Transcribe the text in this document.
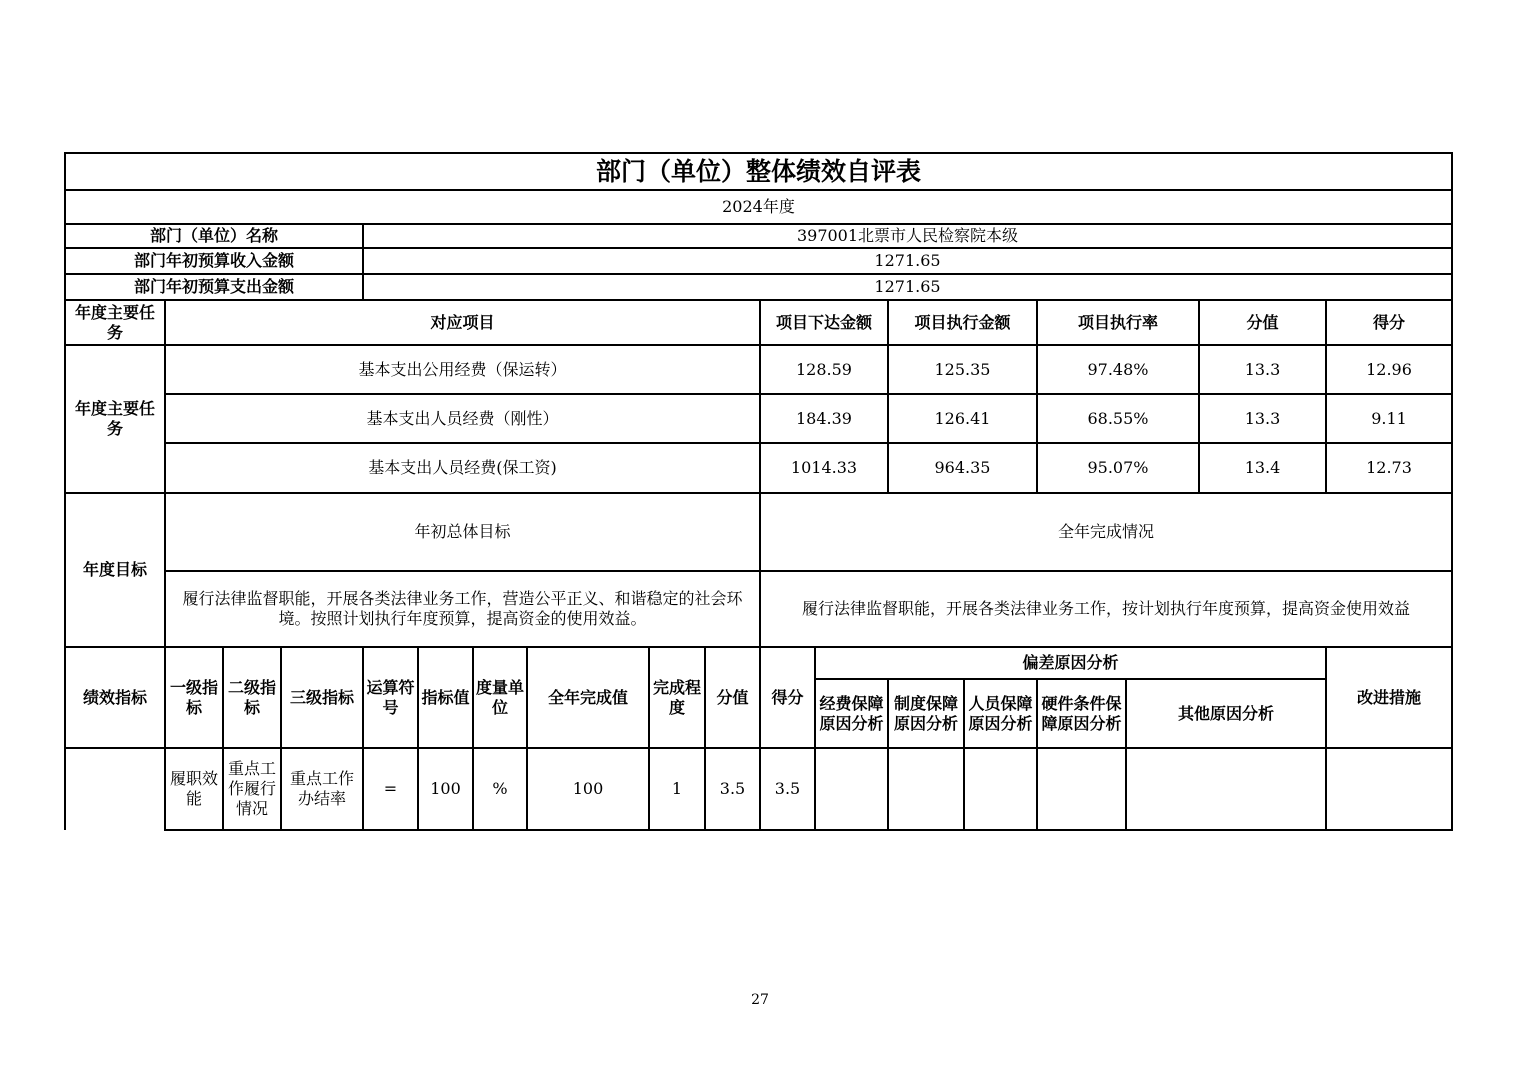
部门（单位）整体绩效自评表																	
2024年度																	
部门（单位）名称				397001北票市人民检察院本级													
部门年初预算收入金额				1271.65													
部门年初预算支出金额				1271.65													
年度主要任务	对应项目									项目下达金额		项目执行金额		项目执行率		分值	得分
年度主要任务	基本支出公用经费（保运转）									128.59		125.35		97.48%		13.3	12.96
	基本支出人员经费（刚性）									184.39		126.41		68.55%		13.3	9.11
	基本支出人员经费(保工资)									1014.33		964.35		95.07%		13.4	12.73
年度目标	年初总体目标									全年完成情况							
	履行法律监督职能，开展各类法律业务工作，营造公平正义、和谐稳定的社会环境。按照计划执行年度预算，提高资金的使用效益。									履行法律监督职能，开展各类法律业务工作，按计划执行年度预算，提高资金使用效益							
绩效指标	一级指标	二级指标	三级指标	运算符号	指标值	度量单位	全年完成值	完成程度	分值	得分	偏差原因分析						改进措施
											经费保障原因分析	制度保障原因分析	人员保障原因分析	硬件条件保障原因分析	其他原因分析		
	履职效能	重点工作履行情况	重点工作办结率	=	100	%	100	1	3.5	3.5							
27
